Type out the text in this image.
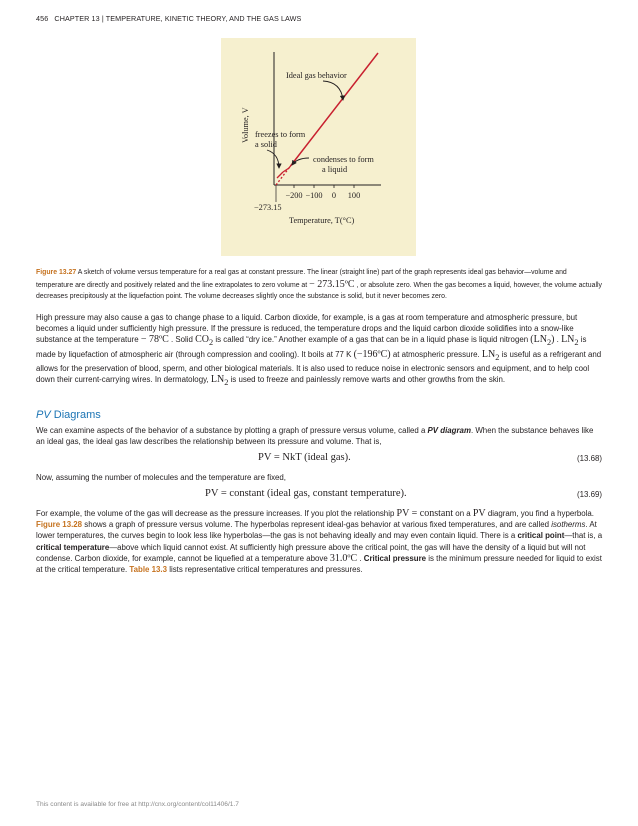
456 CHAPTER 13 | TEMPERATURE, KINETIC THEORY, AND THE GAS LAWS
Ideal gas behavior
freezes to form
a solid
condenses to form
a liquid
−200 −100 0 100
−273.15
Temperature, T(°C)
Volume, V
Figure 13.27 A sketch of volume versus temperature for a real gas at constant pressure. The linear (straight line) part of the graph represents ideal gas behavior—volume and temperature are directly and positively related and the line extrapolates to zero volume at − 273.15ºC , or absolute zero. When the gas becomes a liquid, however, the volume actually decreases precipitously at the liquefaction point. The volume decreases slightly once the substance is solid, but it never becomes zero.
High pressure may also cause a gas to change phase to a liquid. Carbon dioxide, for example, is a gas at room temperature and atmospheric pressure, but becomes a liquid under sufficiently high pressure. If the pressure is reduced, the temperature drops and the liquid carbon dioxide solidifies into a snow-like substance at the temperature − 78ºC . Solid $CO_2$ is called “dry ice.” Another example of a gas that can be in a liquid phase is liquid nitrogen $(LN_2)$ . $LN_2$ is made by liquefaction of atmospheric air (through compression and cooling). It boils at 77 K (−196ºC) at atmospheric pressure. $LN_2$ is useful as a refrigerant and allows for the preservation of blood, sperm, and other biological materials. It is also used to reduce noise in electronic sensors and equipment, and to help cool down their current-carrying wires. In dermatology, $LN_2$ is used to freeze and painlessly remove warts and other growths from the skin.
PV Diagrams
We can examine aspects of the behavior of a substance by plotting a graph of pressure versus volume, called a PV diagram. When the substance behaves like an ideal gas, the ideal gas law describes the relationship between its pressure and volume. That is,
PV = NkT (ideal gas).	(13.68)
Now, assuming the number of molecules and the temperature are fixed,
PV = constant (ideal gas, constant temperature).	(13.69)
For example, the volume of the gas will decrease as the pressure increases. If you plot the relationship PV = constant on a PV diagram, you find a hyperbola. Figure 13.28 shows a graph of pressure versus volume. The hyperbolas represent ideal-gas behavior at various fixed temperatures, and are called isotherms. At lower temperatures, the curves begin to look less like hyperbolas—the gas is not behaving ideally and may even contain liquid. There is a critical point—that is, a critical temperature—above which liquid cannot exist. At sufficiently high pressure above the critical point, the gas will have the density of a liquid but will not condense. Carbon dioxide, for example, cannot be liquefied at a temperature above 31.0ºC . Critical pressure is the minimum pressure needed for liquid to exist at the critical temperature. Table 13.3 lists representative critical temperatures and pressures.
This content is available for free at http://cnx.org/content/col11406/1.7
